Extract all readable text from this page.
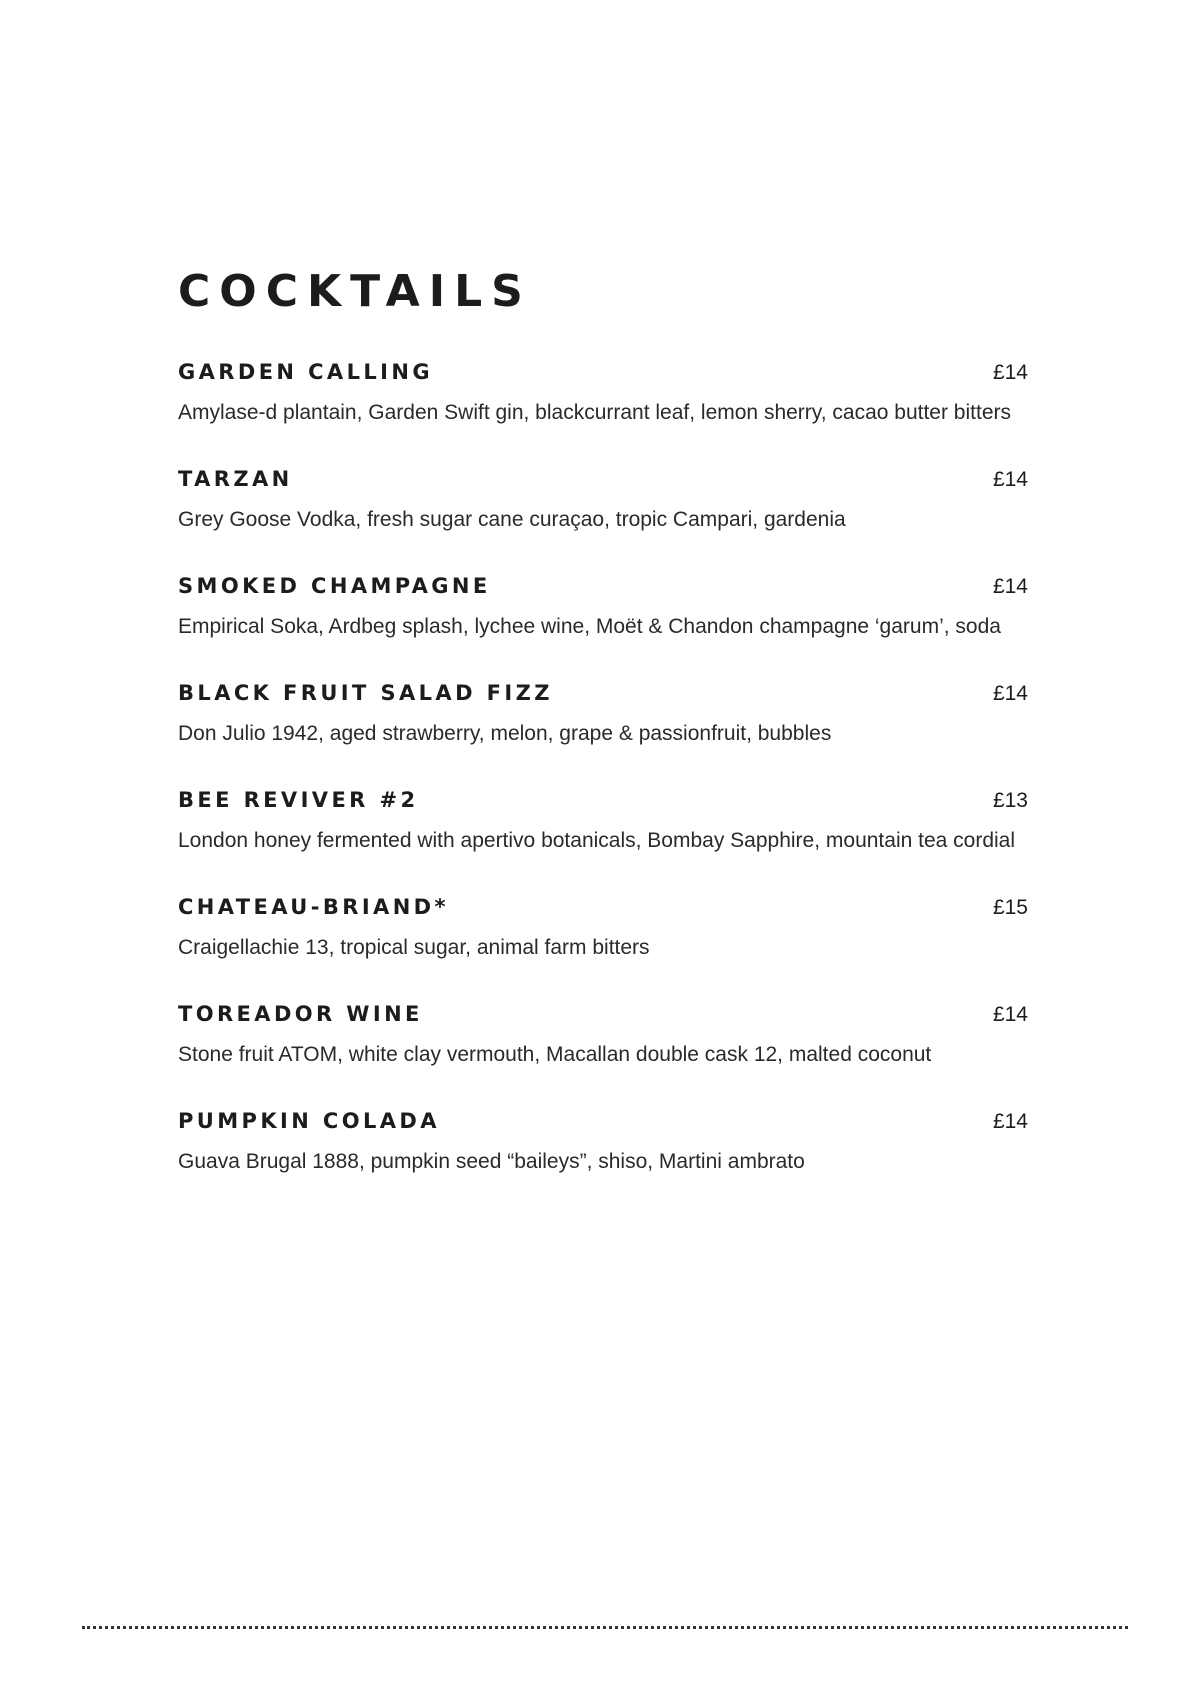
COCKTAILS
GARDEN CALLING	£14
Amylase-d plantain, Garden Swift gin, blackcurrant leaf, lemon sherry, cacao butter bitters
TARZAN	£14
Grey Goose Vodka, fresh sugar cane curaçao, tropic Campari, gardenia
SMOKED CHAMPAGNE	£14
Empirical Soka, Ardbeg splash, lychee wine, Moët & Chandon champagne ‘garum’, soda
BLACK FRUIT SALAD FIZZ	£14
Don Julio 1942, aged strawberry, melon, grape & passionfruit, bubbles
BEE REVIVER #2	£13
London honey fermented with apertivo botanicals, Bombay Sapphire, mountain tea cordial
CHATEAU-BRIAND*	£15
Craigellachie 13, tropical sugar, animal farm bitters
TOREADOR WINE	£14
Stone fruit ATOM, white clay vermouth, Macallan double cask 12, malted coconut
PUMPKIN COLADA	£14
Guava Brugal 1888, pumpkin seed “baileys”, shiso, Martini ambrato
